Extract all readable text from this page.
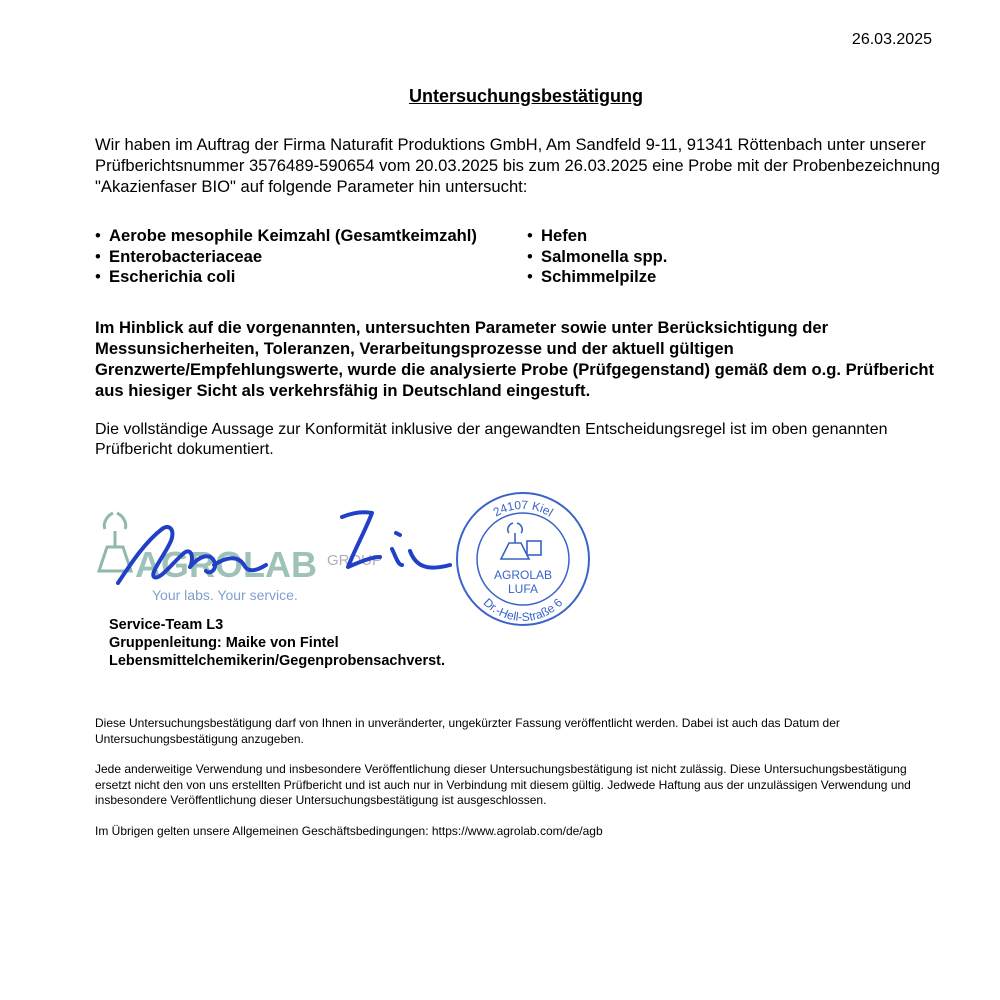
26.03.2025
Untersuchungsbestätigung
Wir haben im Auftrag der Firma Naturafit Produktions GmbH, Am Sandfeld 9-11, 91341 Röttenbach unter unserer Prüfberichtsnummer 3576489-590654 vom 20.03.2025 bis zum 26.03.2025 eine Probe mit der Probenbezeichnung "Akazienfaser BIO" auf folgende Parameter hin untersucht:
• Aerobe mesophile Keimzahl (Gesamtkeimzahl)
• Enterobacteriaceae
• Escherichia coli
• Hefen
• Salmonella spp.
• Schimmelpilze
Im Hinblick auf die vorgenannten, untersuchten Parameter sowie unter Berücksichtigung der Messunsicherheiten, Toleranzen, Verarbeitungsprozesse und der aktuell gültigen Grenzwerte/Empfehlungswerte, wurde die analysierte Probe (Prüfgegenstand) gemäß dem o.g. Prüfbericht aus hiesiger Sicht als verkehrsfähig in Deutschland eingestuft.
Die vollständige Aussage zur Konformität inklusive der angewandten Entscheidungsregel ist im oben genannten Prüfbericht dokumentiert.
AGROLAB GROUP
Your labs. Your service.
24107 Kiel
Dr.-Hell-Straße 6
AGROLAB
LUFA
Service-Team L3
Gruppenleitung: Maike von Fintel
Lebensmittelchemikerin/Gegenprobensachverst.

Diese Untersuchungsbestätigung darf von Ihnen in unveränderter, ungekürzter Fassung veröffentlicht werden. Dabei ist auch das Datum der Untersuchungsbestätigung anzugeben.

Jede anderweitige Verwendung und insbesondere Veröffentlichung dieser Untersuchungsbestätigung ist nicht zulässig. Diese Untersuchungsbestätigung ersetzt nicht den von uns erstellten Prüfbericht und ist auch nur in Verbindung mit diesem gültig. Jedwede Haftung aus der unzulässigen Verwendung und insbesondere Veröffentlichung dieser Untersuchungsbestätigung ist ausgeschlossen.

Im Übrigen gelten unsere Allgemeinen Geschäftsbedingungen: https://www.agrolab.com/de/agb
